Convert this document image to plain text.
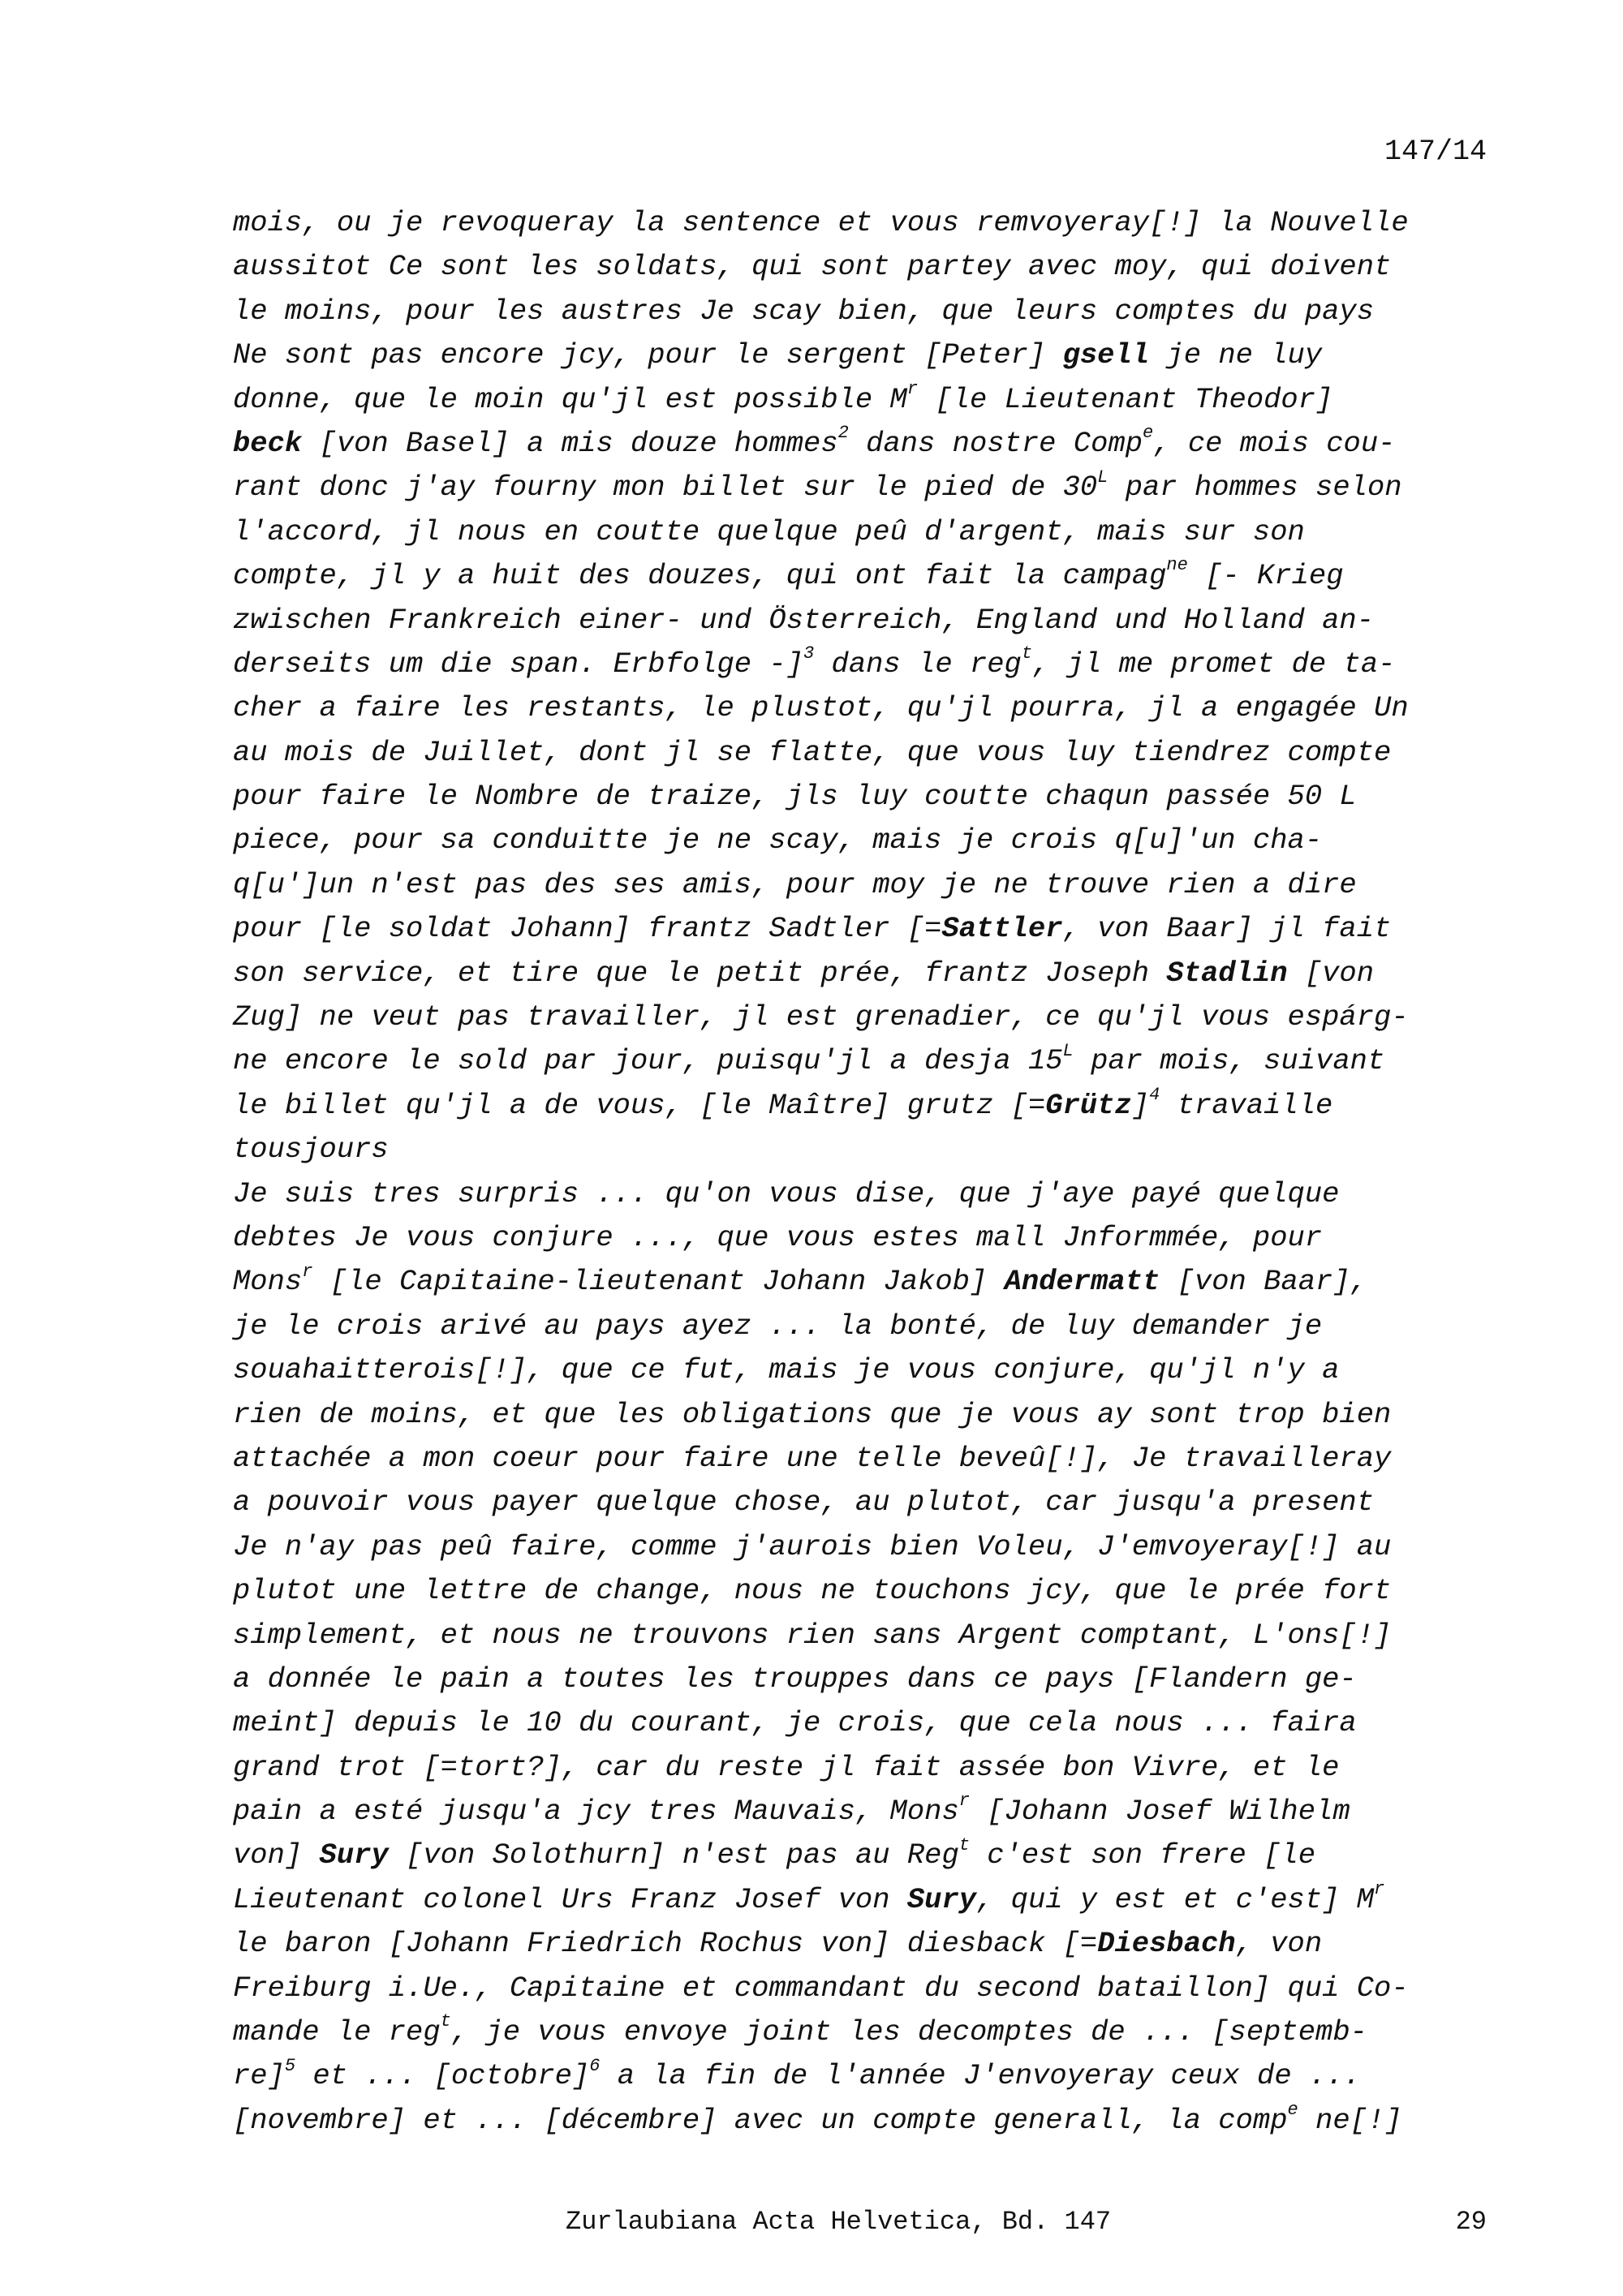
147/14
mois, ou je revoqueray la sentence et vous remvoyeray[!] la Nouvelle
aussitot Ce sont les soldats, qui sont partey avec moy, qui doivent
le moins, pour les austres Je scay bien, que leurs comptes du pays
Ne sont pas encore jcy, pour le sergent [Peter] gsell je ne luy
donne, que le moin qu'jl est possible $M^r$ [le Lieutenant Theodor]
beck [von Basel] a mis douze hommes$^2$ dans nostre Comp$^e$, ce mois cou-
rant donc j'ay fourny mon billet sur le pied de $30^L$ par hommes selon
l'accord, jl nous en coutte quelque peû d'argent, mais sur son
compte, jl y a huit des douzes, qui ont fait la campag$^{ne}$ [- Krieg
zwischen Frankreich einer- und Österreich, England und Holland an-
derseits um die span. Erbfolge -]$^3$ dans le reg$^t$, jl me promet de ta-
cher a faire les restants, le plustot, qu'jl pourra, jl a engagée Un
au mois de Juillet, dont jl se flatte, que vous luy tiendrez compte
pour faire le Nombre de traize, jls luy coutte chaqun passée 50 L
piece, pour sa conduitte je ne scay, mais je crois q[u]'un cha-
q[u']un n'est pas des ses amis, pour moy je ne trouve rien a dire
pour [le soldat Johann] frantz Sadtler [=Sattler, von Baar] jl fait
son service, et tire que le petit prée, frantz Joseph Stadlin [von
Zug] ne veut pas travailler, jl est grenadier, ce qu'jl vous espárg-
ne encore le sold par jour, puisqu'jl a desja $15^L$ par mois, suivant
le billet qu'jl a de vous, [le Maître] grutz [=Grütz]$^4$ travaille
tousjours
Je suis tres surpris ... qu'on vous dise, que j'aye payé quelque
debtes Je vous conjure ..., que vous estes mall Jnformmée, pour
Mons$^r$ [le Capitaine-lieutenant Johann Jakob] Andermatt [von Baar],
je le crois arivé au pays ayez ... la bonté, de luy demander je
souahaitterois[!], que ce fut, mais je vous conjure, qu'jl n'y a
rien de moins, et que les obligations que je vous ay sont trop bien
attachée a mon coeur pour faire une telle beveû[!], Je travailleray
a pouvoir vous payer quelque chose, au plutot, car jusqu'a present
Je n'ay pas peû faire, comme j'aurois bien Voleu, J'emvoyeray[!] au
plutot une lettre de change, nous ne touchons jcy, que le prée fort
simplement, et nous ne trouvons rien sans Argent comptant, L'ons[!]
a donnée le pain a toutes les trouppes dans ce pays [Flandern ge-
meint] depuis le 10 du courant, je crois, que cela nous ... faira
grand trot [=tort?], car du reste jl fait assée bon Vivre, et le
pain a esté jusqu'a jcy tres Mauvais, Mons$^r$ [Johann Josef Wilhelm
von] Sury [von Solothurn] n'est pas au Reg$^t$ c'est son frere [le
Lieutenant colonel Urs Franz Josef von Sury, qui y est et c'est] $M^r$
le baron [Johann Friedrich Rochus von] diesback [=Diesbach, von
Freiburg i.Ue., Capitaine et commandant du second bataillon] qui Co-
mande le reg$^t$, je vous envoye joint les decomptes de ... [septemb-
re]$^5$ et ... [octobre]$^6$ a la fin de l'année J'envoyeray ceux de ...
[novembre] et ... [décembre] avec un compte generall, la comp$^e$ ne[!]
Zurlaubiana Acta Helvetica, Bd. 147	29
